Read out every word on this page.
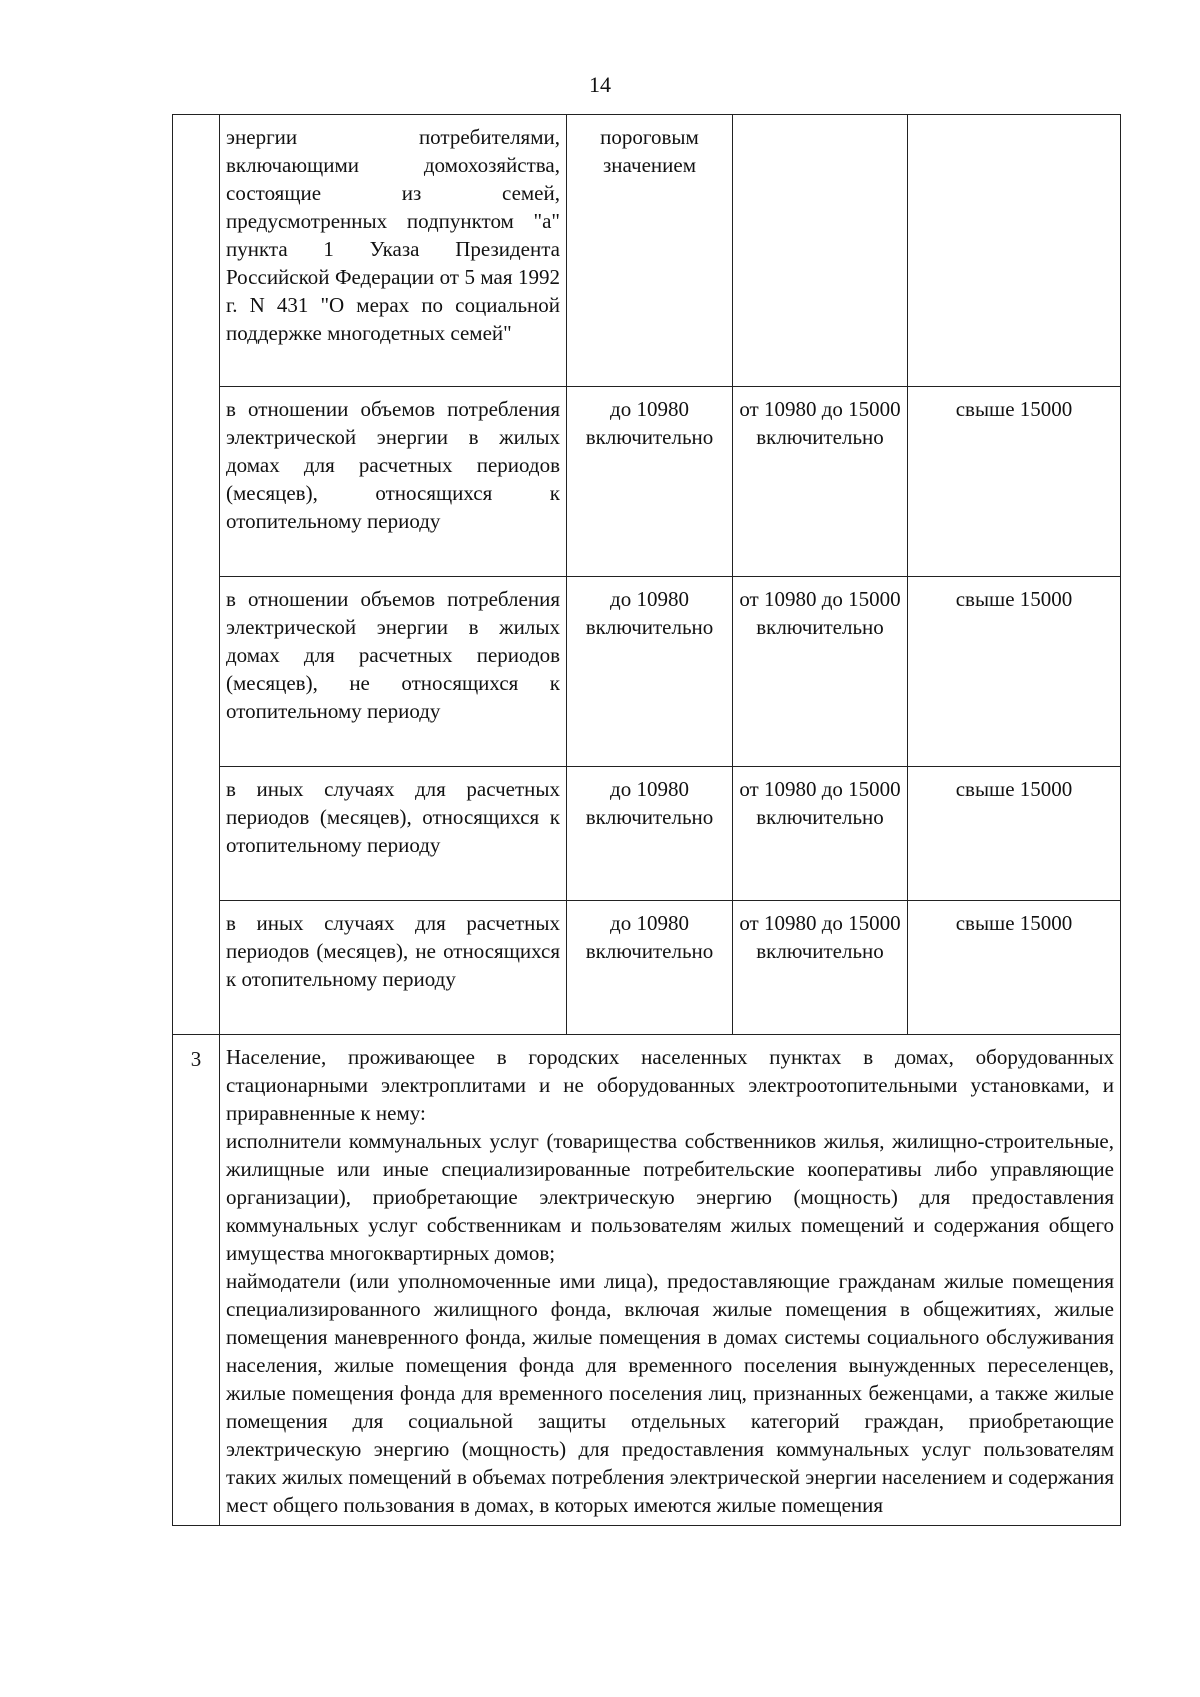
14
	энергии потребителями, включающими домохозяйства, состоящие из семей, предусмотренных подпунктом "а" пункта 1 Указа Президента Российской Федерации от 5 мая 1992 г. N 431 "О мерах по социальной поддержке многодетных семей"	пороговым значением		
	в отношении объемов потребления электрической энергии в жилых домах для расчетных периодов (месяцев), относящихся к отопительному периоду	до 10980 включительно	от 10980 до 15000 включительно	свыше 15000
	в отношении объемов потребления электрической энергии в жилых домах для расчетных периодов (месяцев), не относящихся к отопительному периоду	до 10980 включительно	от 10980 до 15000 включительно	свыше 15000
	в иных случаях для расчетных периодов (месяцев), относящихся к отопительному периоду	до 10980 включительно	от 10980 до 15000 включительно	свыше 15000
	в иных случаях для расчетных периодов (месяцев), не относящихся к отопительному периоду	до 10980 включительно	от 10980 до 15000 включительно	свыше 15000
3	Население, проживающее в городских населенных пунктах в домах, оборудованных стационарными электроплитами и не оборудованных электроотопительными установками, и приравненные к нему:
исполнители коммунальных услуг (товарищества собственников жилья, жилищно-строительные, жилищные или иные специализированные потребительские кооперативы либо управляющие организации), приобретающие электрическую энергию (мощность) для предоставления коммунальных услуг собственникам и пользователям жилых помещений и содержания общего имущества многоквартирных домов;
наймодатели (или уполномоченные ими лица), предоставляющие гражданам жилые помещения специализированного жилищного фонда, включая жилые помещения в общежитиях, жилые помещения маневренного фонда, жилые помещения в домах системы социального обслуживания населения, жилые помещения фонда для временного поселения вынужденных переселенцев, жилые помещения фонда для временного поселения лиц, признанных беженцами, а также жилые помещения для социальной защиты отдельных категорий граждан, приобретающие электрическую энергию (мощность) для предоставления коммунальных услуг пользователям таких жилых помещений в объемах потребления электрической энергии населением и содержания мест общего пользования в домах, в которых имеются жилые помещения			
